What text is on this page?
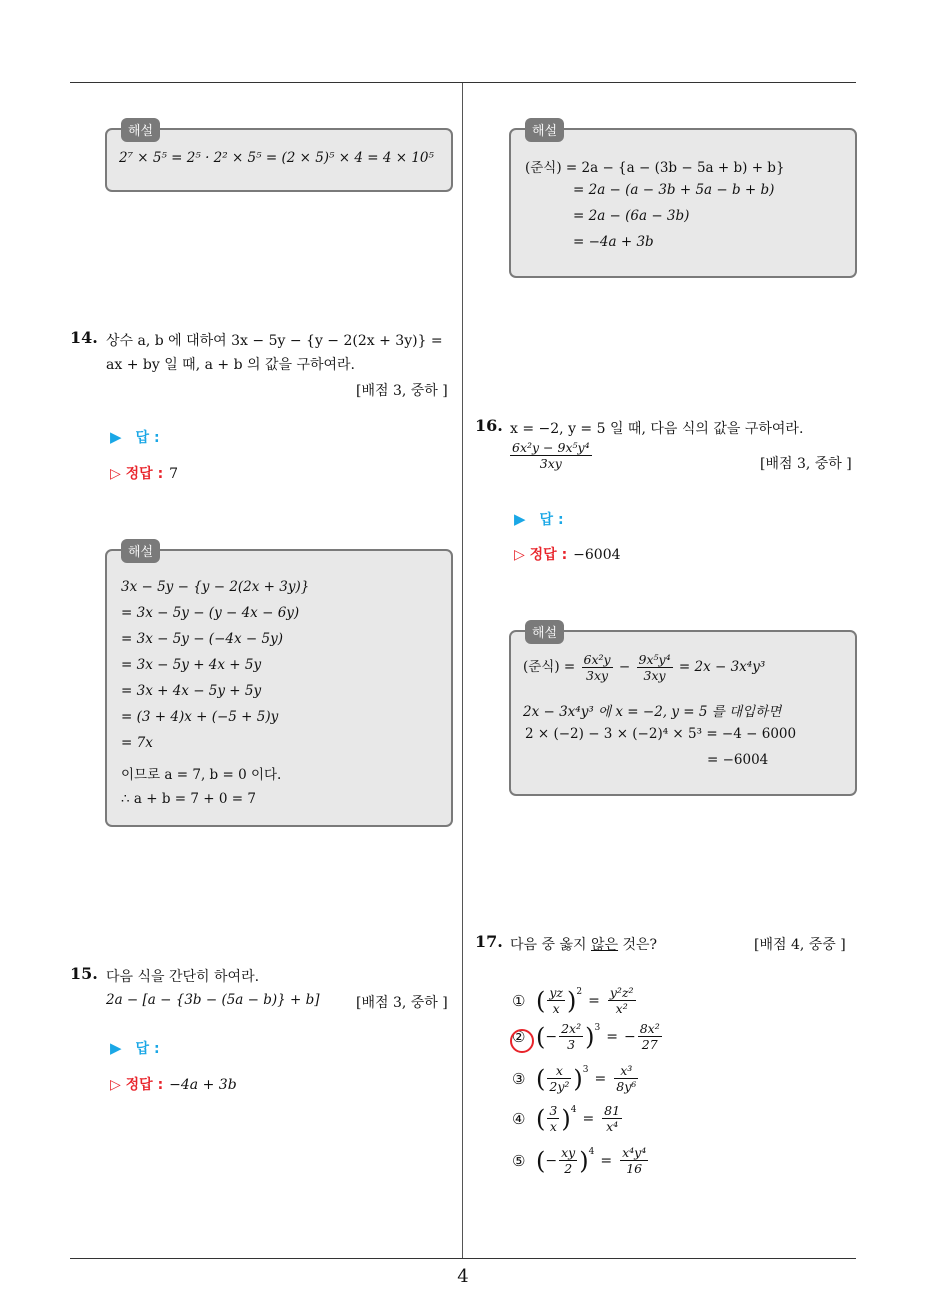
4
해설
2⁷ × 5⁵ = 2⁵ · 2² × 5⁵ = (2 × 5)⁵ × 4 = 4 × 10⁵
14. 상수 a, b 에 대하여 3x − 5y − {y − 2(2x + 3y)} =
ax + by 일 때, a + b 의 값을 구하여라.
[배점 3, 중하 ]
▶ 답 :
▷ 정답 : 7
해설
3x − 5y − {y − 2(2x + 3y)}
= 3x − 5y − (y − 4x − 6y)
= 3x − 5y − (−4x − 5y)
= 3x − 5y + 4x + 5y
= 3x + 4x − 5y + 5y
= (3 + 4)x + (−5 + 5)y
= 7x
이므로 a = 7, b = 0 이다.
∴ a + b = 7 + 0 = 7
15. 다음 식을 간단히 하여라.
2a − [a − {3b − (5a − b)} + b]	[배점 3, 중하 ]
▶ 답 :
▷ 정답 : −4a + 3b
해설
(준식) = 2a − {a − (3b − 5a + b) + b}
= 2a − (a − 3b + 5a − b + b)
= 2a − (6a − 3b)
= −4a + 3b
16. x = −2, y = 5 일 때, 다음 식의 값을 구하여라.
$\frac{\text{6x²y − 9x⁵y⁴}}{3xy}$	[배점 3, 중하 ]
▶ 답 :
▷ 정답 : −6004
해설
(준식) = $\frac{\text{6x²y}}{3xy} - \frac{\text{9x⁵y⁴}}{3xy} = 2x - 3x^4y^3$
2x − 3x⁴y³ 에 x = −2, y = 5 를 대입하면
2 × (−2) − 3 × (−2)⁴ × 5³ = −4 − 6000
= −6004
17. 다음 중 옳지 않은 것은?	[배점 4, 중중 ]
① ( $\frac{yz}{x} )^2$
= $\frac{\text{y²z²}}{\text{x²}}$
② ( − $\frac{\text{2x²}}{3} )^3$
= − $\frac{\text{8x²}}{27}$
③ ( $\frac{x}{\text{2y²}} )^3$
= $\frac{\text{x³}}{\text{8y⁶}}$
④ ( $\frac{3}{x} )^4$
= $\frac{81}{\text{x⁴}}$
⑤ ( − $\frac{xy}{2} )^4$
= $\frac{\text{x⁴y⁴}}{16}$
